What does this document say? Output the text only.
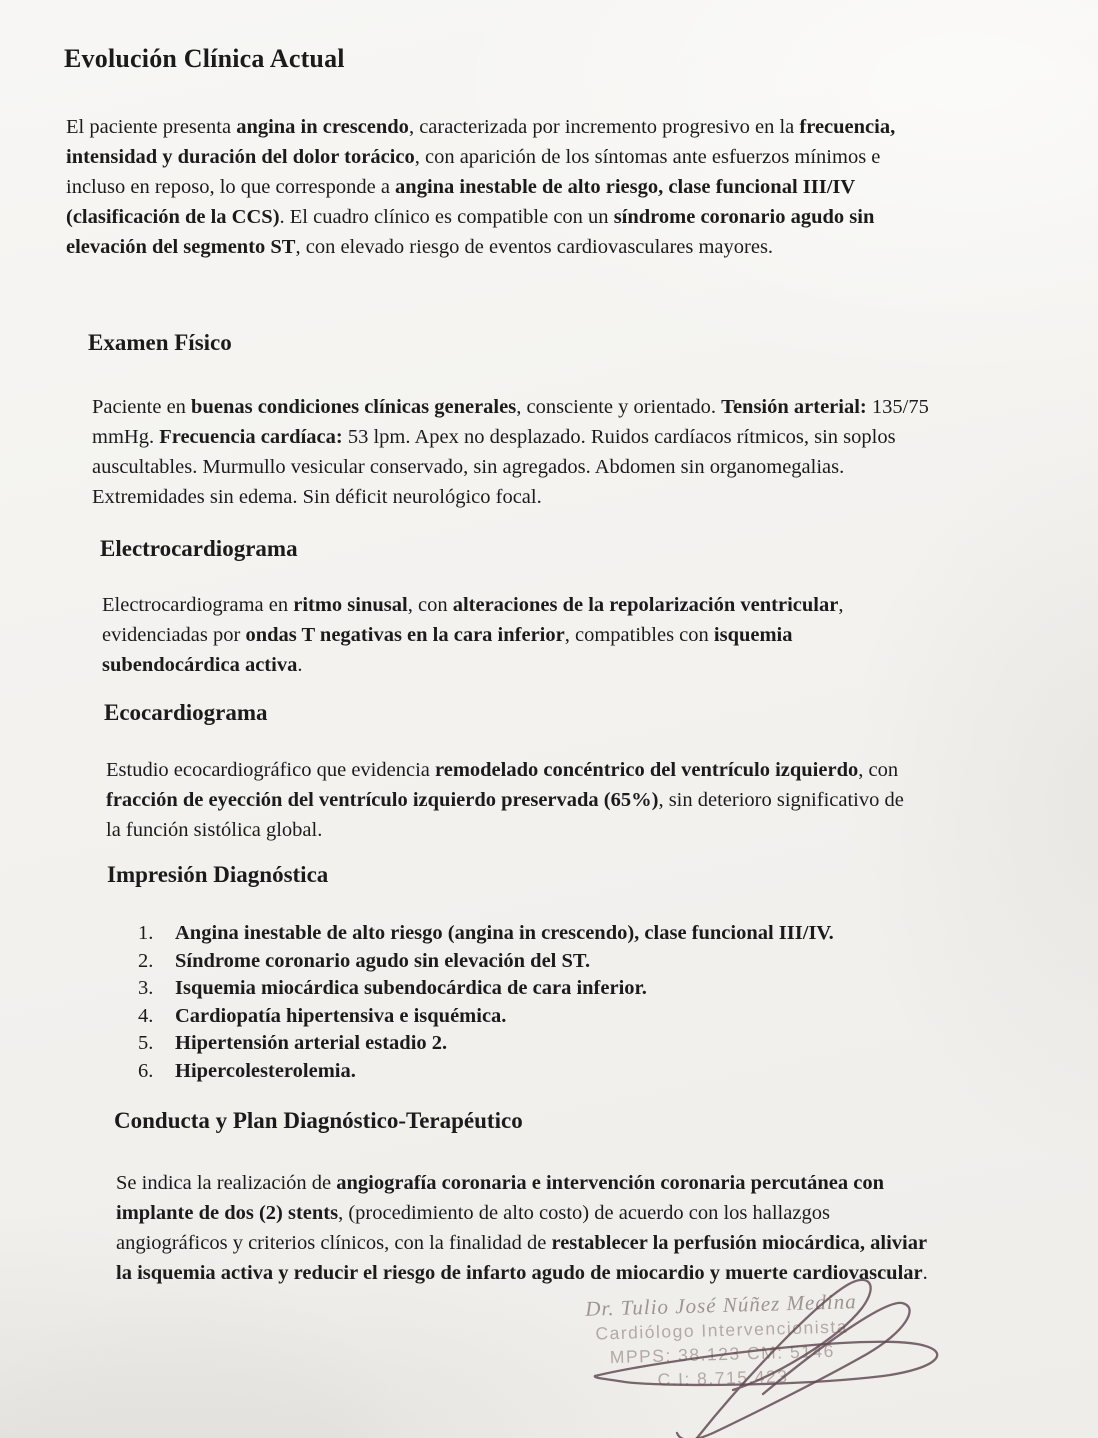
Evolución Clínica Actual

El paciente presenta angina in crescendo, caracterizada por incremento progresivo en la frecuencia, intensidad y duración del dolor torácico, con aparición de los síntomas ante esfuerzos mínimos e incluso en reposo, lo que corresponde a angina inestable de alto riesgo, clase funcional III/IV (clasificación de la CCS). El cuadro clínico es compatible con un síndrome coronario agudo sin elevación del segmento ST, con elevado riesgo de eventos cardiovasculares mayores.

Examen Físico

Paciente en buenas condiciones clínicas generales, consciente y orientado. Tensión arterial: 135/75 mmHg. Frecuencia cardíaca: 53 lpm. Apex no desplazado. Ruidos cardíacos rítmicos, sin soplos auscultables. Murmullo vesicular conservado, sin agregados. Abdomen sin organomegalias. Extremidades sin edema. Sin déficit neurológico focal.

Electrocardiograma

Electrocardiograma en ritmo sinusal, con alteraciones de la repolarización ventricular, evidenciadas por ondas T negativas en la cara inferior, compatibles con isquemia subendocárdica activa.

Ecocardiograma

Estudio ecocardiográfico que evidencia remodelado concéntrico del ventrículo izquierdo, con fracción de eyección del ventrículo izquierdo preservada (65%), sin deterioro significativo de la función sistólica global.

Impresión Diagnóstica
1.	Angina inestable de alto riesgo (angina in crescendo), clase funcional III/IV.
2.	Síndrome coronario agudo sin elevación del ST.
3.	Isquemia miocárdica subendocárdica de cara inferior.
4.	Cardiopatía hipertensiva e isquémica.
5.	Hipertensión arterial estadio 2.
6.	Hipercolesterolemia.
Conducta y Plan Diagnóstico-Terapéutico

Se indica la realización de angiografía coronaria e intervención coronaria percutánea con implante de dos (2) stents, (procedimiento de alto costo) de acuerdo con los hallazgos angiográficos y criterios clínicos, con la finalidad de restablecer la perfusión miocárdica, aliviar la isquemia activa y reducir el riesgo de infarto agudo de miocardio y muerte cardiovascular.

Dr. Tulio José Núñez Medina
Cardiólogo Intervencionista
MPPS: 38.123 CM: 5146
C.I: 8.715.423
